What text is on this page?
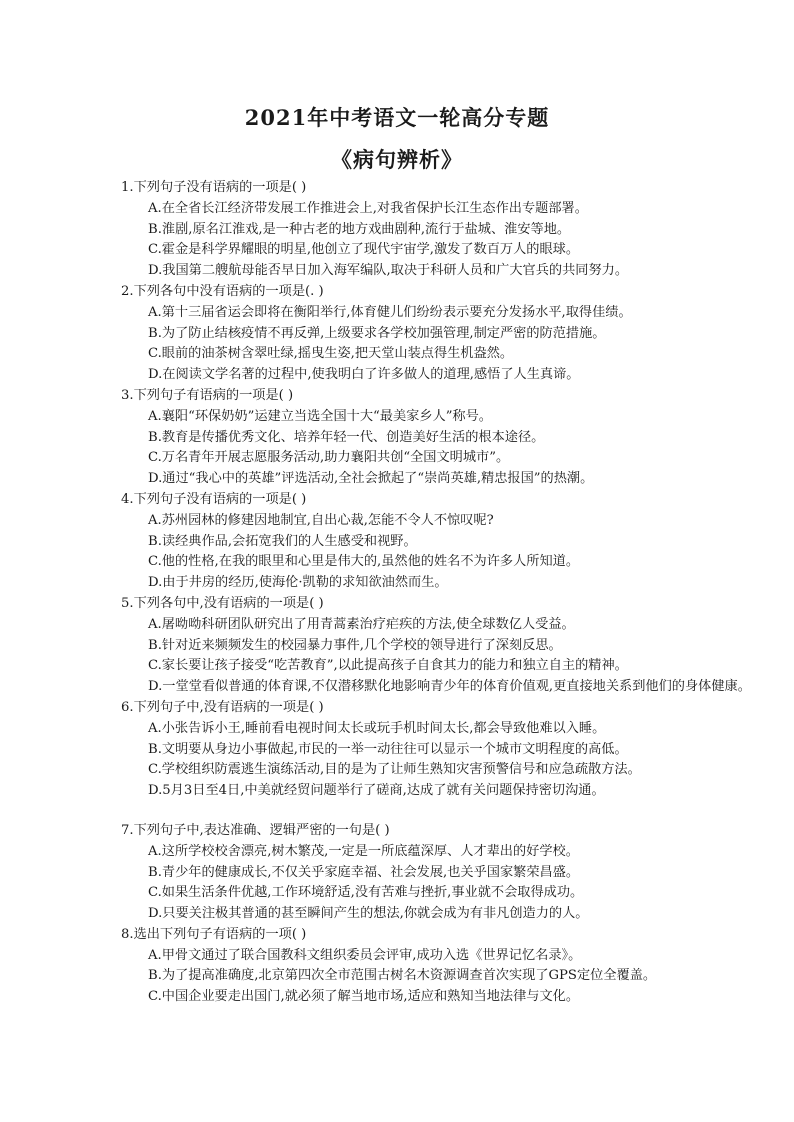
2021年中考语文一轮高分专题
《病句辨析》

1.下列句子没有语病的一项是( )

A.在全省长江经济带发展工作推进会上,对我省保护长江生态作出专题部署。

B.淮剧,原名江淮戏,是一种古老的地方戏曲剧种,流行于盐城、淮安等地。

C.霍金是科学界耀眼的明星,他创立了现代宇宙学,激发了数百万人的眼球。

D.我国第二艘航母能否早日加入海军编队,取决于科研人员和广大官兵的共同努力。

2.下列各句中没有语病的一项是(. )

A.第十三届省运会即将在衡阳举行,体育健儿们纷纷表示要充分发扬水平,取得佳绩。

B.为了防止结核疫情不再反弹,上级要求各学校加强管理,制定严密的防范措施。

C.眼前的油茶树含翠吐绿,摇曳生姿,把天堂山装点得生机盎然。

D.在阅读文学名著的过程中,使我明白了许多做人的道理,感悟了人生真谛。

3.下列句子有语病的一项是( )

A.襄阳“环保奶奶”运建立当选全国十大“最美家乡人”称号。

B.教育是传播优秀文化、培养年轻一代、创造美好生活的根本途径。

C.万名青年开展志愿服务活动,助力襄阳共创“全国文明城市”。

D.通过“我心中的英雄”评选活动,全社会掀起了“崇尚英雄,精忠报国”的热潮。

4.下列句子没有语病的一项是( )

A.苏州园林的修建因地制宜,自出心裁,怎能不令人不惊叹呢?

B.读经典作品,会拓宽我们的人生感受和视野。

C.他的性格,在我的眼里和心里是伟大的,虽然他的姓名不为许多人所知道。

D.由于井房的经历,使海伦·凯勒的求知欲油然而生。

5.下列各句中,没有语病的一项是( )

A.屠呦呦科研团队研究出了用青蒿素治疗疟疾的方法,使全球数亿人受益。

B.针对近来频频发生的校园暴力事件,几个学校的领导进行了深刻反思。

C.家长要让孩子接受“吃苦教育”,以此提高孩子自食其力的能力和独立自主的精神。

D.一堂堂看似普通的体育课,不仅潜移默化地影响青少年的体育价值观,更直接地关系到他们的身体健康。

6.下列句子中,没有语病的一项是( )

A.小张告诉小王,睡前看电视时间太长或玩手机时间太长,都会导致他难以入睡。

B.文明要从身边小事做起,市民的一举一动往往可以显示一个城市文明程度的高低。

C.学校组织防震逃生演练活动,目的是为了让师生熟知灾害预警信号和应急疏散方法。

D.5月3日至4日,中美就经贸问题举行了磋商,达成了就有关问题保持密切沟通。

7.下列句子中,表达准确、逻辑严密的一句是( )

A.这所学校校舍漂亮,树木繁茂,一定是一所底蕴深厚、人才辈出的好学校。

B.青少年的健康成长,不仅关乎家庭幸福、社会发展,也关乎国家繁荣昌盛。

C.如果生活条件优越,工作环境舒适,没有苦难与挫折,事业就不会取得成功。

D.只要关注极其普通的甚至瞬间产生的想法,你就会成为有非凡创造力的人。

8.选出下列句子有语病的一项( )

A.甲骨文通过了联合国教科文组织委员会评审,成功入选《世界记忆名录》。

B.为了提高准确度,北京第四次全市范围古树名木资源调查首次实现了GPS定位全覆盖。

C.中国企业要走出国门,就必须了解当地市场,适应和熟知当地法律与文化。
